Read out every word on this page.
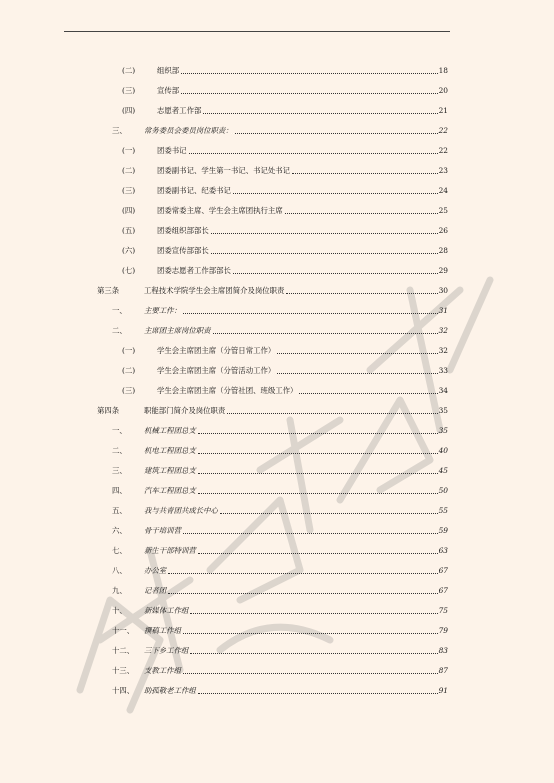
(二)	组织部	18
(三)	宣传部	20
(四)	志愿者工作部	21
三、 常务委员会委员岗位职责：	22
(一)	团委书记	22
(二)	团委副书记、学生第一书记、书记处书记	23
(三)	团委副书记、纪委书记	24
(四)	团委常委主席、学生会主席团执行主席	25
(五)	团委组织部部长	26
(六)	团委宣传部部长	28
(七)	团委志愿者工作部部长	29
第三条	工程技术学院学生会主席团简介及岗位职责	30
一、 主要工作：	31
二、 主席团主席岗位职责	32
(一)	学生会主席团主席（分管日常工作）	32
(二)	学生会主席团主席（分管活动工作）	33
(三)	学生会主席团主席（分管社团、班级工作）	34
第四条	职能部门简介及岗位职责	35
一、 机械工程团总支	35
二、 机电工程团总支	40
三、 建筑工程团总支	45
四、 汽车工程团总支	50
五、 我与共青团共成长中心	55
六、 骨干培训营	59
七、 新生干部特训营	63
八、 办公室	67
九、 记者团	67
十、 新媒体工作组	75
十一、 撰稿工作组	79
十二、 三下乡工作组	83
十三、 支教工作组	87
十四、 助孤敬老工作组	91
